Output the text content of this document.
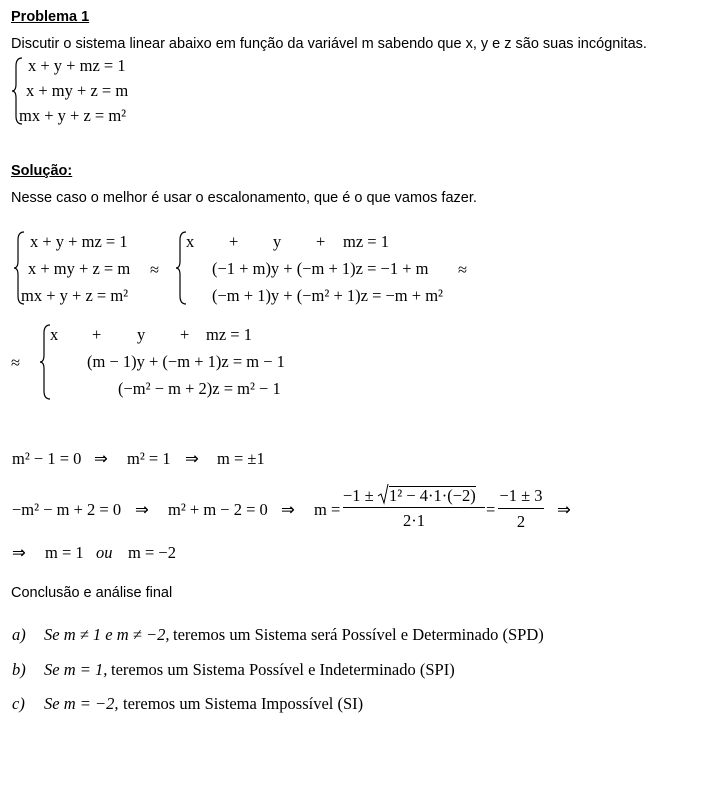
Problema 1
Discutir o sistema linear abaixo em função da variável m sabendo que x, y e z são suas incógnitas.
x + y + mz = 1
x + my + z = m
mx + y + z = m²
Solução:
Nesse caso o melhor é usar o escalonamento, que é o que vamos fazer.
x + y + mz = 1
x + my + z = m
mx + y + z = m²
≈
x + y + mz = 1
(−1 + m)y + (−m + 1)z = −1 + m
(−m + 1)y + (−m² + 1)z = −m + m²
≈
≈
x + y + mz = 1
(m − 1)y + (−m + 1)z = m − 1
(−m² − m + 2)z = m² − 1
m² − 1 = 0 ⇒ m² = 1 ⇒ m = ±1
−m² − m + 2 = 0 ⇒ m² + m − 2 = 0 ⇒ m =
−1 ± 1² − 4·1·(−2)
2·1
=
−1 ± 3
2
⇒
⇒ m = 1 ou m = −2
Conclusão e análise final
a) Se m ≠ 1 e m ≠ −2, teremos um Sistema será Possível e Determinado (SPD)
b) Se m = 1, teremos um Sistema Possível e Indeterminado (SPI)
c) Se m = −2, teremos um Sistema Impossível (SI)
